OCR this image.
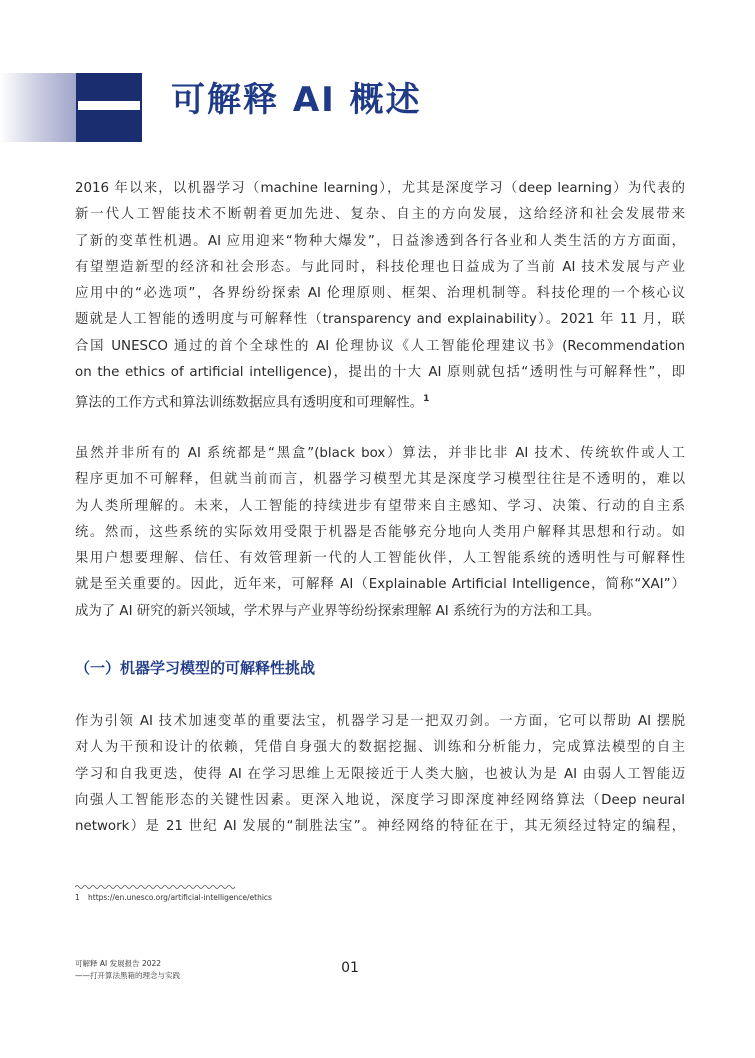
可解释 AI 概述
2016 年以来，以机器学习（machine learning），尤其是深度学习（deep learning）为代表的
新一代人工智能技术不断朝着更加先进、复杂、自主的方向发展，这给经济和社会发展带来
了新的变革性机遇。AI 应用迎来“物种大爆发”，日益渗透到各行各业和人类生活的方方面面，
有望塑造新型的经济和社会形态。与此同时，科技伦理也日益成为了当前 AI 技术发展与产业
应用中的“必选项”，各界纷纷探索 AI 伦理原则、框架、治理机制等。科技伦理的一个核心议
题就是人工智能的透明度与可解释性（transparency and explainability）。2021 年 11 月，联
合国 UNESCO 通过的首个全球性的 AI 伦理协议《人工智能伦理建议书》(Recommendation
on the ethics of artificial intelligence)，提出的十大 AI 原则就包括“透明性与可解释性”，即
算法的工作方式和算法训练数据应具有透明度和可理解性。$^1$
虽然并非所有的 AI 系统都是“黑盒”(black box）算法，并非比非 AI 技术、传统软件或人工
程序更加不可解释，但就当前而言，机器学习模型尤其是深度学习模型往往是不透明的，难以
为人类所理解的。未来，人工智能的持续进步有望带来自主感知、学习、决策、行动的自主系
统。然而，这些系统的实际效用受限于机器是否能够充分地向人类用户解释其思想和行动。如
果用户想要理解、信任、有效管理新一代的人工智能伙伴，人工智能系统的透明性与可解释性
就是至关重要的。因此，近年来，可解释 AI（Explainable Artificial Intelligence，简称“XAI”）
成为了 AI 研究的新兴领域，学术界与产业界等纷纷探索理解 AI 系统行为的方法和工具。
（一）机器学习模型的可解释性挑战
作为引领 AI 技术加速变革的重要法宝，机器学习是一把双刃剑。一方面，它可以帮助 AI 摆脱
对人为干预和设计的依赖，凭借自身强大的数据挖掘、训练和分析能力，完成算法模型的自主
学习和自我更迭，使得 AI 在学习思维上无限接近于人类大脑，也被认为是 AI 由弱人工智能迈
向强人工智能形态的关键性因素。更深入地说，深度学习即深度神经网络算法（Deep neural
network）是 21 世纪 AI 发展的“制胜法宝”。神经网络的特征在于，其无须经过特定的编程，
1 https://en.unesco.org/artificial-intelligence/ethics
可解释 AI 发展报告 2022
——打开算法黑箱的理念与实践	01
